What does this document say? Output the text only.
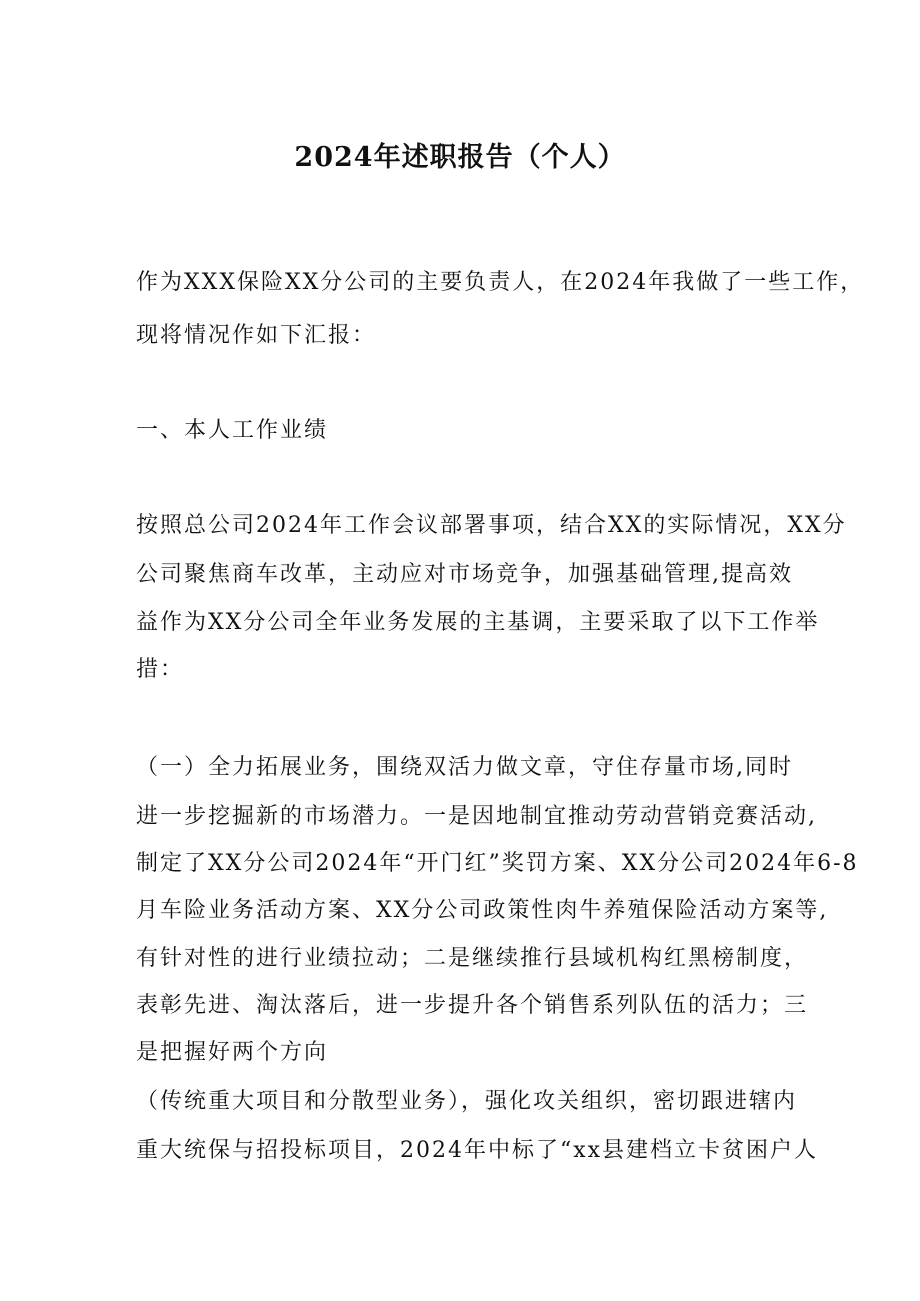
2024年述职报告（个人）
作为XXX保险XX分公司的主要负责人，在2024年我做了一些工作，
现将情况作如下汇报：
一、本人工作业绩
按照总公司2024年工作会议部署事项，结合XX的实际情况，XX分
公司聚焦商车改革，主动应对市场竞争，加强基础管理,提高效
益作为XX分公司全年业务发展的主基调，主要采取了以下工作举
措：
（一）全力拓展业务，围绕双活力做文章，守住存量市场,同时
进一步挖掘新的市场潜力。一是因地制宜推动劳动营销竞赛活动,
制定了XX分公司2024年“开门红”奖罚方案、XX分公司2024年6-8
月车险业务活动方案、XX分公司政策性肉牛养殖保险活动方案等,
有针对性的进行业绩拉动；二是继续推行县域机构红黑榜制度，
表彰先进、淘汰落后，进一步提升各个销售系列队伍的活力；三
是把握好两个方向
（传统重大项目和分散型业务），强化攻关组织，密切跟进辖内
重大统保与招投标项目，2024年中标了“xx县建档立卡贫困户人
